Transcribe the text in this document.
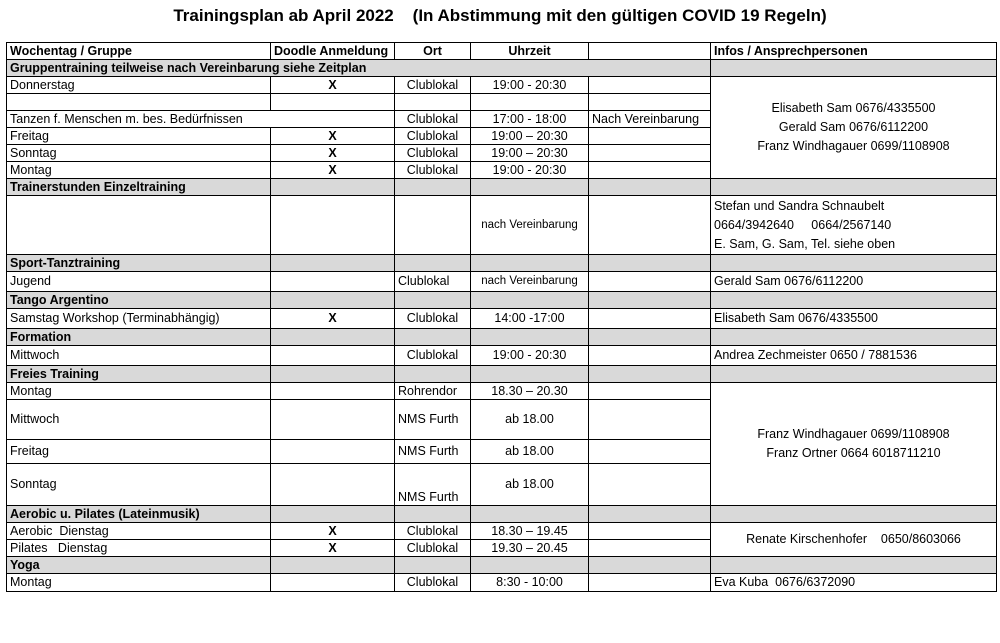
Trainingsplan ab April 2022    (In Abstimmung mit den gültigen COVID 19 Regeln)
Wochentag / Gruppe	Doodle Anmeldung	Ort	Uhrzeit		Infos / Ansprechpersonen
Gruppentraining teilweise nach Vereinbarung siehe Zeitplan					
Donnerstag	X	Clublokal	19:00 - 20:30		Elisabeth Sam 0676/4335500
Gerald Sam 0676/6112200
Franz Windhagauer 0699/1108908

Tanzen f. Menschen m. bes. Bedürfnissen		Clublokal	17:00 - 18:00	Nach Vereinbarung	
Freitag	X	Clublokal	19:00 – 20:30		
Sonntag	X	Clublokal	19:00 – 20:30		
Montag	X	Clublokal	19:00 - 20:30		
Trainerstunden Einzeltraining					
			nach Vereinbarung		Stefan und Sandra Schnaubelt
0664/3942640     0664/2567140
E. Sam, G. Sam, Tel. siehe oben

Sport-Tanztraining					
Jugend		Clublokal	nach Vereinbarung		Gerald Sam 0676/6112200
Tango Argentino					
Samstag Workshop (Terminabhängig)	X	Clublokal	14:00 -17:00		Elisabeth Sam 0676/4335500
Formation					
Mittwoch		Clublokal	19:00 - 20:30		Andrea Zechmeister 0650 / 7881536
Freies Training					
Montag		Rohrendor	18.30 – 20.30		Franz Windhagauer 0699/1108908
Franz Ortner 0664 6018711210

Mittwoch		NMS Furth	ab 18.00		
Freitag		NMS Furth	ab 18.00		
Sonntag		NMS Furth	ab 18.00		
Aerobic u. Pilates (Lateinmusik)					
Aerobic  Dienstag	X	Clublokal	18.30 – 19.45		Renate Kirschenhofer    0650/8603066

Pilates   Dienstag	X	Clublokal	19.30 – 20.45		
Yoga					
Montag		Clublokal	8:30 - 10:00		Eva Kuba  0676/6372090
